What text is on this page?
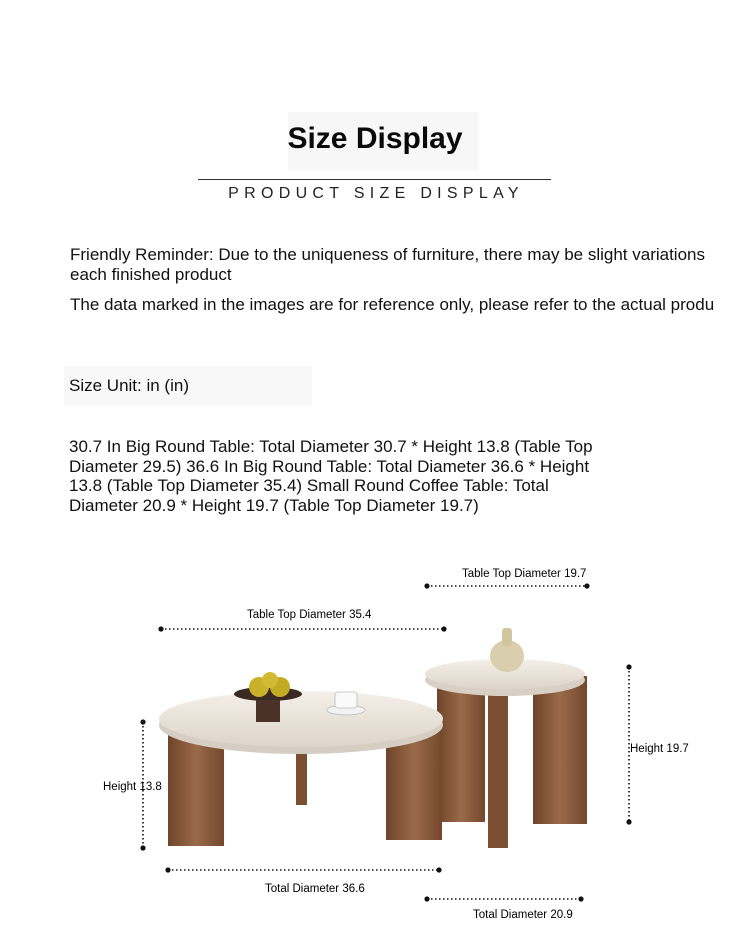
Size Display
PRODUCT SIZE DISPLAY
Friendly Reminder: Due to the uniqueness of furniture, there may be slight variations
each finished product
The data marked in the images are for reference only, please refer to the actual produ
Size Unit: in (in)
30.7 In Big Round Table: Total Diameter 30.7 * Height 13.8 (Table Top Diameter 29.5) 36.6 In Big Round Table: Total Diameter 36.6 * Height 13.8 (Table Top Diameter 35.4) Small Round Coffee Table: Total Diameter 20.9 * Height 19.7 (Table Top Diameter 19.7)
Table Top Diameter 19.7
Table Top Diameter 35.4
Height 19.7
Height 13.8
Total Diameter 36.6
Total Diameter 20.9
